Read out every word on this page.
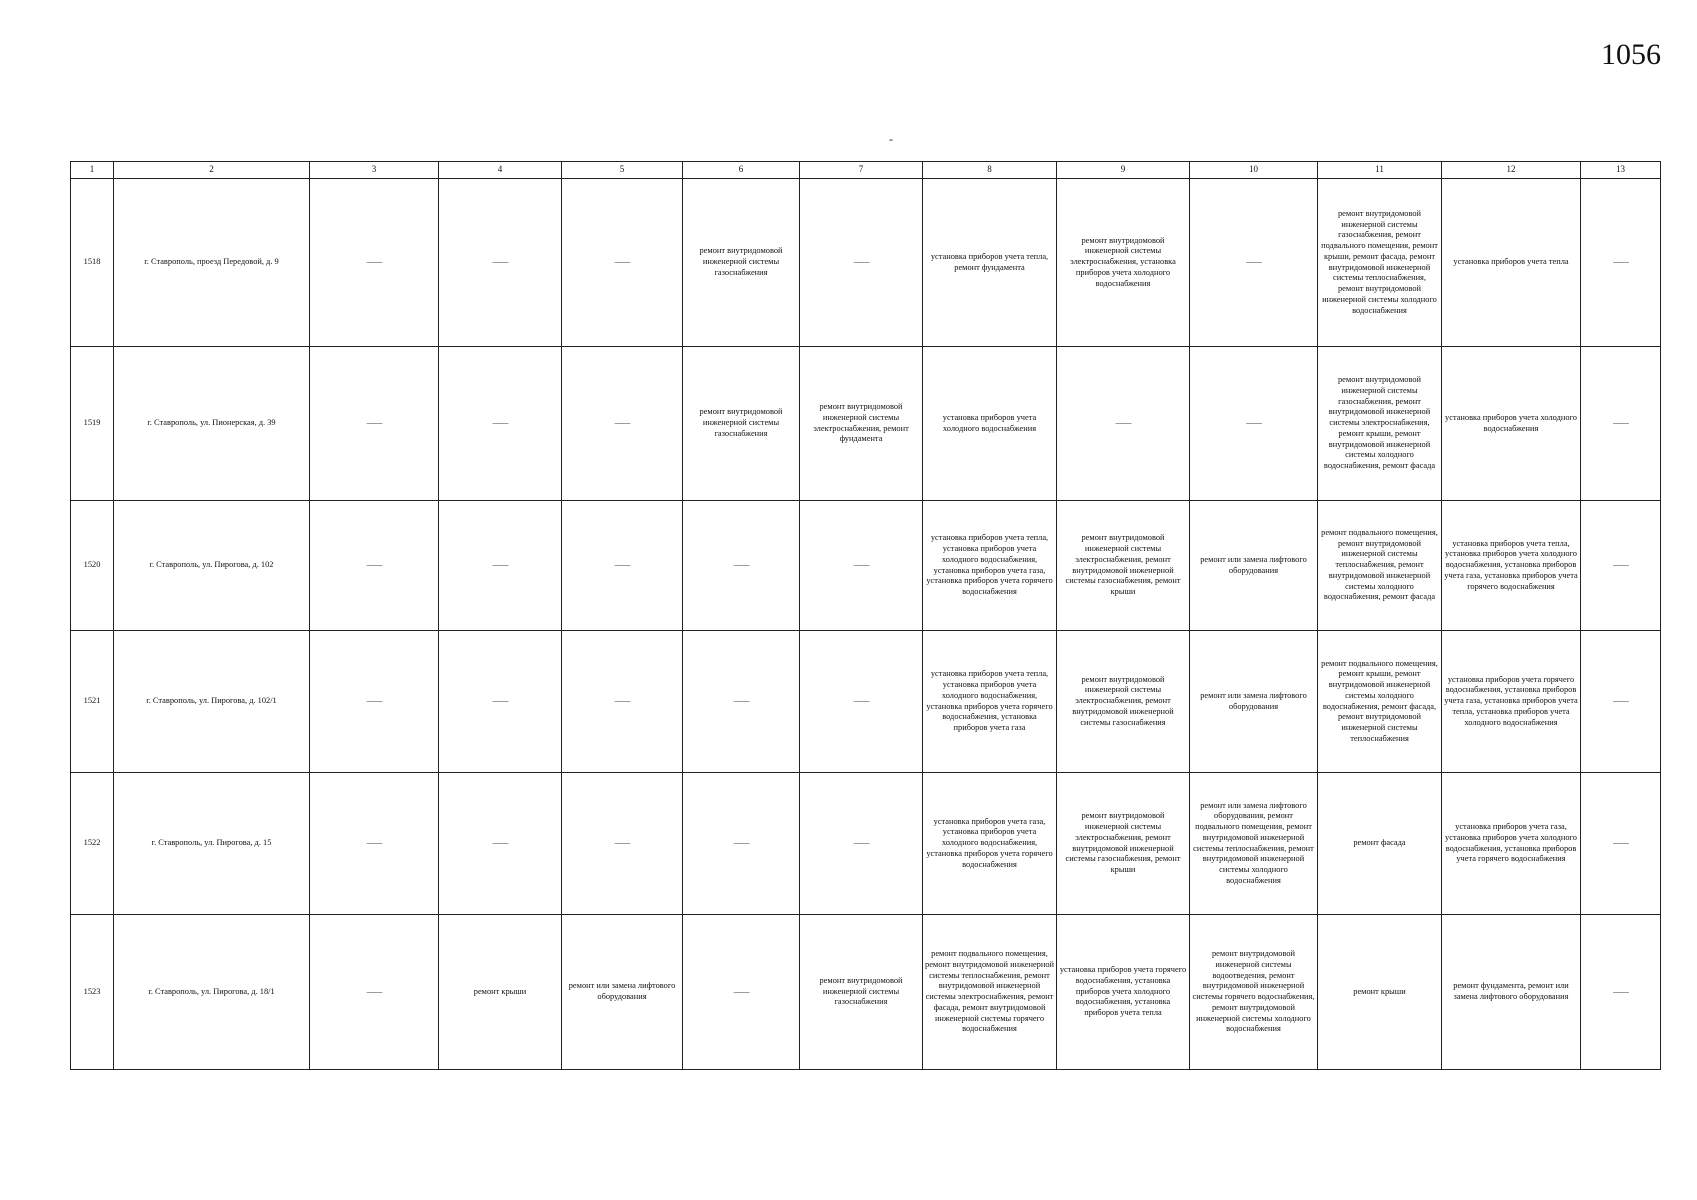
1056
-
1	2	3	4	5	6	7	8	9	10	11	12	13
1518	г. Ставрополь, проезд Передовой, д. 9	——	——	——	ремонт внутридомовой инженерной системы газоснабжения	——	установка приборов учета тепла, ремонт фундамента	ремонт внутридомовой инженерной системы электроснабжения, установка приборов учета холодного водоснабжения	——	ремонт внутридомовой инженерной системы газоснабжения, ремонт подвального помещения, ремонт крыши, ремонт фасада, ремонт внутридомовой инженерной системы теплоснабжения, ремонт внутридомовой инженерной системы холодного водоснабжения	установка приборов учета тепла	——
1519	г. Ставрополь, ул. Пионерская, д. 39	——	——	——	ремонт внутридомовой инженерной системы газоснабжения	ремонт внутридомовой инженерной системы электроснабжения, ремонт фундамента	установка приборов учета холодного водоснабжения	——	——	ремонт внутридомовой инженерной системы газоснабжения, ремонт внутридомовой инженерной системы электроснабжения, ремонт крыши, ремонт внутридомовой инженерной системы холодного водоснабжения, ремонт фасада	установка приборов учета холодного водоснабжения	——
1520	г. Ставрополь, ул. Пирогова, д. 102	——	——	——	——	——	установка приборов учета тепла, установка приборов учета холодного водоснабжения, установка приборов учета газа, установка приборов учета горячего водоснабжения	ремонт внутридомовой инженерной системы электроснабжения, ремонт внутридомовой инженерной системы газоснабжения, ремонт крыши	ремонт или замена лифтового оборудования	ремонт подвального помещения, ремонт внутридомовой инженерной системы теплоснабжения, ремонт внутридомовой инженерной системы холодного водоснабжения, ремонт фасада	установка приборов учета тепла, установка приборов учета холодного водоснабжения, установка приборов учета газа, установка приборов учета горячего водоснабжения	——
1521	г. Ставрополь, ул. Пирогова, д. 102/1	——	——	——	——	——	установка приборов учета тепла, установка приборов учета холодного водоснабжения, установка приборов учета горячего водоснабжения, установка приборов учета газа	ремонт внутридомовой инженерной системы электроснабжения, ремонт внутридомовой инженерной системы газоснабжения	ремонт или замена лифтового оборудования	ремонт подвального помещения, ремонт крыши, ремонт внутридомовой инженерной системы холодного водоснабжения, ремонт фасада, ремонт внутридомовой инженерной системы теплоснабжения	установка приборов учета горячего водоснабжения, установка приборов учета газа, установка приборов учета тепла, установка приборов учета холодного водоснабжения	——
1522	г. Ставрополь, ул. Пирогова, д. 15	——	——	——	——	——	установка приборов учета газа, установка приборов учета холодного водоснабжения, установка приборов учета горячего водоснабжения	ремонт внутридомовой инженерной системы электроснабжения, ремонт внутридомовой инженерной системы газоснабжения, ремонт крыши	ремонт или замена лифтового оборудования, ремонт подвального помещения, ремонт внутридомовой инженерной системы теплоснабжения, ремонт внутридомовой инженерной системы холодного водоснабжения	ремонт фасада	установка приборов учета газа, установка приборов учета холодного водоснабжения, установка приборов учета горячего водоснабжения	——
1523	г. Ставрополь, ул. Пирогова, д. 18/1	——	ремонт крыши	ремонт или замена лифтового оборудования	——	ремонт внутридомовой инженерной системы газоснабжения	ремонт подвального помещения, ремонт внутридомовой инженерной системы теплоснабжения, ремонт внутридомовой инженерной системы электроснабжения, ремонт фасада, ремонт внутридомовой инженерной системы горячего водоснабжения	установка приборов учета горячего водоснабжения, установка приборов учета холодного водоснабжения, установка приборов учета тепла	ремонт внутридомовой инженерной системы водоотведения, ремонт внутридомовой инженерной системы горячего водоснабжения, ремонт внутридомовой инженерной системы холодного водоснабжения	ремонт крыши	ремонт фундамента, ремонт или замена лифтового оборудования	——
